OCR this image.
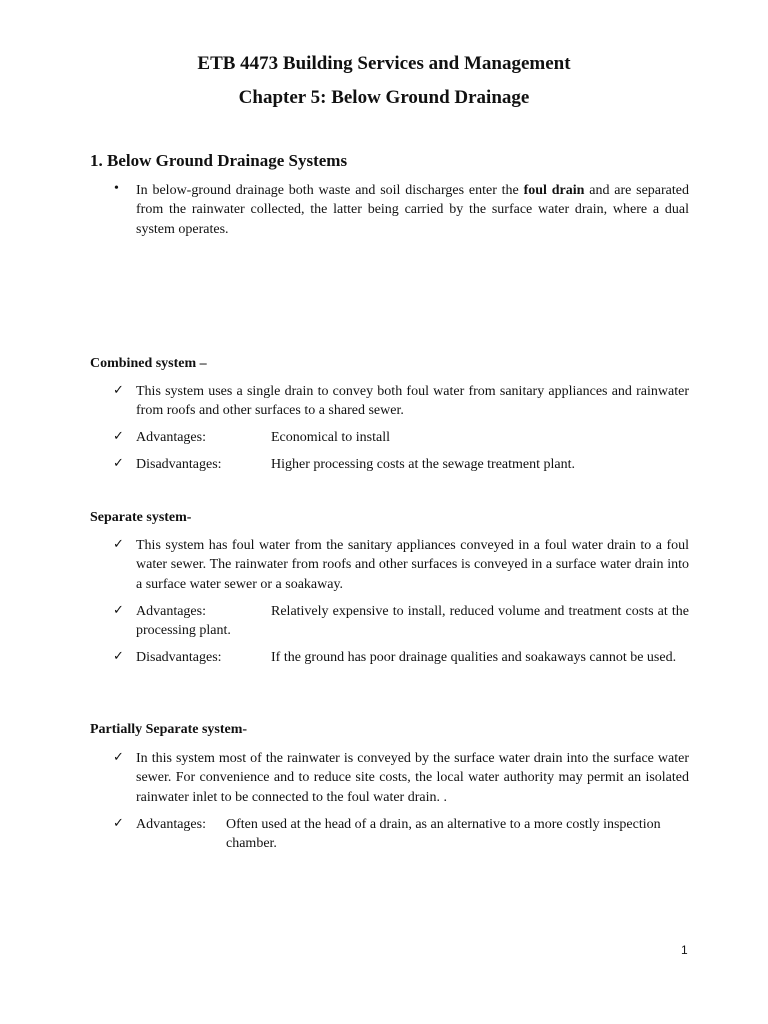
ETB 4473 Building Services and Management
Chapter 5: Below Ground Drainage
1. Below Ground Drainage Systems
• In below-ground drainage both waste and soil discharges enter the foul drain and are separated from the rainwater collected, the latter being carried by the surface water drain, where a dual system operates.

Combined system –
✓ This system uses a single drain to convey both foul water from sanitary appliances and rainwater from roofs and other surfaces to a shared sewer.

✓ Advantages:	Economical to install
✓ Disadvantages:	Higher processing costs at the sewage treatment plant.
Separate system-
✓ This system has foul water from the sanitary appliances conveyed in a foul water drain to a foul water sewer. The rainwater from roofs and other surfaces is conveyed in a surface water drain into a surface water sewer or a soakaway.

✓ Advantages:	Relatively expensive to install, reduced volume and treatment costs at the processing plant.
✓ Disadvantages:	If the ground has poor drainage qualities and soakaways cannot be used.
Partially Separate system-
✓ In this system most of the rainwater is conveyed by the surface water drain into the surface water sewer. For convenience and to reduce site costs, the local water authority may permit an isolated rainwater inlet to be connected to the foul water drain. .

✓ Advantages: Often used at the head of a drain, as an alternative to a more costly inspection
chamber.
1
